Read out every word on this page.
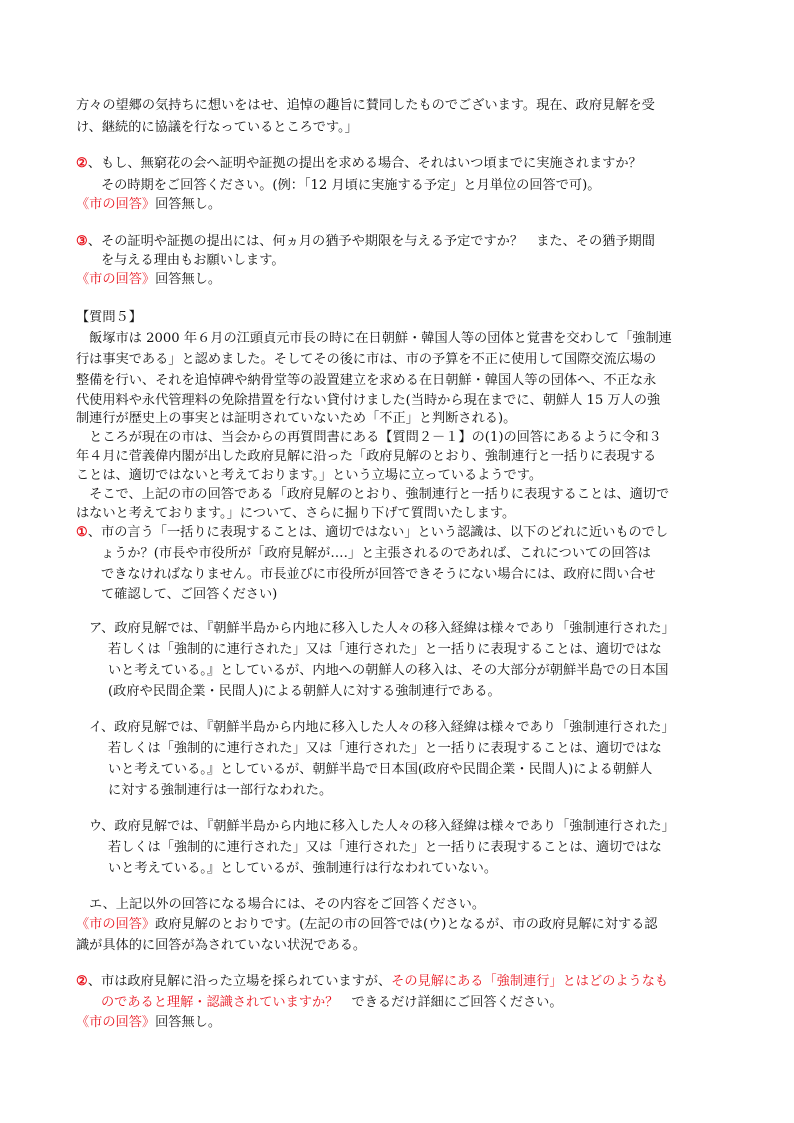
方々の望郷の気持ちに想いをはせ、追悼の趣旨に賛同したものでございます。現在、政府見解を受
け、継続的に協議を行なっているところです。」
②、もし、無窮花の会へ証明や証拠の提出を求める場合、それはいつ頃までに実施されますか？
その時期をご回答ください。(例：「12 月頃に実施する予定」と月単位の回答で可)。
《市の回答》回答無し。
③、その証明や証拠の提出には、何ヵ月の猶予や期限を与える予定ですか？　また、その猶予期間
を与える理由もお願いします。
《市の回答》回答無し。
【質問５】
　飯塚市は 2000 年６月の江頭貞元市長の時に在日朝鮮・韓国人等の団体と覚書を交わして「強制連
行は事実である」と認めました。そしてその後に市は、市の予算を不正に使用して国際交流広場の
整備を行い、それを追悼碑や納骨堂等の設置建立を求める在日朝鮮・韓国人等の団体へ、不正な永
代使用料や永代管理料の免除措置を行ない貸付けました(当時から現在までに、朝鮮人 15 万人の強
制連行が歴史上の事実とは証明されていないため「不正」と判断される)。
　ところが現在の市は、当会からの再質問書にある【質問２－１】の(1)の回答にあるように令和３
年４月に菅義偉内閣が出した政府見解に沿った「政府見解のとおり、強制連行と一括りに表現する
ことは、適切ではないと考えております。」という立場に立っているようです。
　そこで、上記の市の回答である「政府見解のとおり、強制連行と一括りに表現することは、適切で
はないと考えております。」について、さらに掘り下げて質問いたします。
①、市の言う「一括りに表現することは、適切ではない」という認識は、以下のどれに近いものでし
ょうか？(市長や市役所が「政府見解が‥‥」と主張されるのであれば、これについての回答は
できなければなりません。市長並びに市役所が回答できそうにない場合には、政府に問い合せ
て確認して、ご回答ください)
ア、政府見解では、『朝鮮半島から内地に移入した人々の移入経緯は様々であり「強制連行された」
若しくは「強制的に連行された」又は「連行された」と一括りに表現することは、適切ではな
いと考えている。』としているが、内地への朝鮮人の移入は、その大部分が朝鮮半島での日本国
(政府や民間企業・民間人)による朝鮮人に対する強制連行である。
イ、政府見解では、『朝鮮半島から内地に移入した人々の移入経緯は様々であり「強制連行された」
若しくは「強制的に連行された」又は「連行された」と一括りに表現することは、適切ではな
いと考えている。』としているが、朝鮮半島で日本国(政府や民間企業・民間人)による朝鮮人
に対する強制連行は一部行なわれた。
ウ、政府見解では、『朝鮮半島から内地に移入した人々の移入経緯は様々であり「強制連行された」
若しくは「強制的に連行された」又は「連行された」と一括りに表現することは、適切ではな
いと考えている。』としているが、強制連行は行なわれていない。
エ、上記以外の回答になる場合には、その内容をご回答ください。
《市の回答》政府見解のとおりです。(左記の市の回答では(ウ)となるが、市の政府見解に対する認
識が具体的に回答が為されていない状況である。
②、市は政府見解に沿った立場を採られていますが、その見解にある「強制連行」とはどのようなも
のであると理解・認識されていますか？　できるだけ詳細にご回答ください。
《市の回答》回答無し。
